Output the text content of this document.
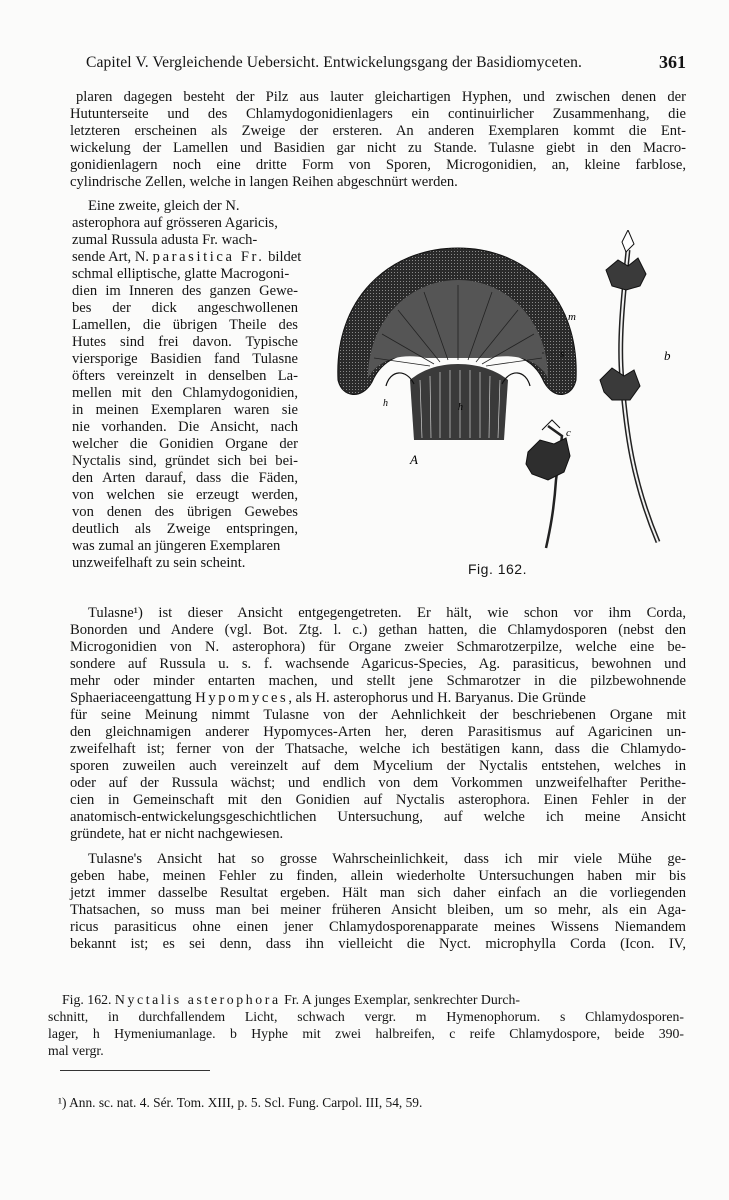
Capitel V. Vergleichende Uebersicht. Entwickelungsgang der Basidiomyceten.	361
plaren dagegen besteht der Pilz aus lauter gleichartigen Hyphen, und zwischen denen der
Hutunterseite und des Chlamydogonidienlagers ein continuirlicher Zusammenhang, die
letzteren erscheinen als Zweige der ersteren. An anderen Exemplaren kommt die Ent-
wickelung der Lamellen und Basidien gar nicht zu Stande. Tulasne giebt in den Macro-
gonidienlagern noch eine dritte Form von Sporen, Microgonidien, an, kleine farblose,
cylindrische Zellen, welche in langen Reihen abgeschnürt werden.
Eine zweite, gleich der N.
asterophora auf grösseren Agaricis,
zumal Russula adusta Fr. wach-
sende Art, N. parasitica Fr. bildet
schmal elliptische, glatte Macrogoni-
dien im Inneren des ganzen Gewe-
bes der dick angeschwollenen
Lamellen, die übrigen Theile des
Hutes sind frei davon. Typische
viersporige Basidien fand Tulasne
öfters vereinzelt in denselben La-
mellen mit den Chlamydogonidien,
in meinen Exemplaren waren sie
nie vorhanden. Die Ansicht, nach
welcher die Gonidien Organe der
Nyctalis sind, gründet sich bei bei-
den Arten darauf, dass die Fäden,
von welchen sie erzeugt werden,
von denen des übrigen Gewebes
deutlich als Zweige entspringen,
was zumal an jüngeren Exemplaren
unzweifelhaft zu sein scheint.
m
s
h	h
A
b
c
Fig. 162.
Tulasne¹) ist dieser Ansicht entgegengetreten. Er hält, wie schon vor ihm Corda,
Bonorden und Andere (vgl. Bot. Ztg. l. c.) gethan hatten, die Chlamydosporen (nebst den
Microgonidien von N. asterophora) für Organe zweier Schmarotzerpilze, welche eine be-
sondere auf Russula u. s. f. wachsende Agaricus-Species, Ag. parasiticus, bewohnen und
mehr oder minder entarten machen, und stellt jene Schmarotzer in die pilzbewohnende
Sphaeriaceengattung Hypomyces, als H. asterophorus und H. Baryanus. Die Gründe
für seine Meinung nimmt Tulasne von der Aehnlichkeit der beschriebenen Organe mit
den gleichnamigen anderer Hypomyces-Arten her, deren Parasitismus auf Agaricinen un-
zweifelhaft ist; ferner von der Thatsache, welche ich bestätigen kann, dass die Chlamydo-
sporen zuweilen auch vereinzelt auf dem Mycelium der Nyctalis entstehen, welches in
oder auf der Russula wächst; und endlich von dem Vorkommen unzweifelhafter Perithe-
cien in Gemeinschaft mit den Gonidien auf Nyctalis asterophora. Einen Fehler in der
anatomisch-entwickelungsgeschichtlichen Untersuchung, auf welche ich meine Ansicht
gründete, hat er nicht nachgewiesen.
Tulasne's Ansicht hat so grosse Wahrscheinlichkeit, dass ich mir viele Mühe ge-
geben habe, meinen Fehler zu finden, allein wiederholte Untersuchungen haben mir bis
jetzt immer dasselbe Resultat ergeben. Hält man sich daher einfach an die vorliegenden
Thatsachen, so muss man bei meiner früheren Ansicht bleiben, um so mehr, als ein Aga-
ricus parasiticus ohne einen jener Chlamydosporenapparate meines Wissens Niemandem
bekannt ist; es sei denn, dass ihn vielleicht die Nyct. microphylla Corda (Icon. IV,
Fig. 162. Nyctalis asterophora Fr. A junges Exemplar, senkrechter Durch-
schnitt, in durchfallendem Licht, schwach vergr. m Hymenophorum. s Chlamydosporen-
lager, h Hymeniumanlage. b Hyphe mit zwei halbreifen, c reife Chlamydospore, beide 390-
mal vergr.
¹) Ann. sc. nat. 4. Sér. Tom. XIII, p. 5. Scl. Fung. Carpol. III, 54, 59.
